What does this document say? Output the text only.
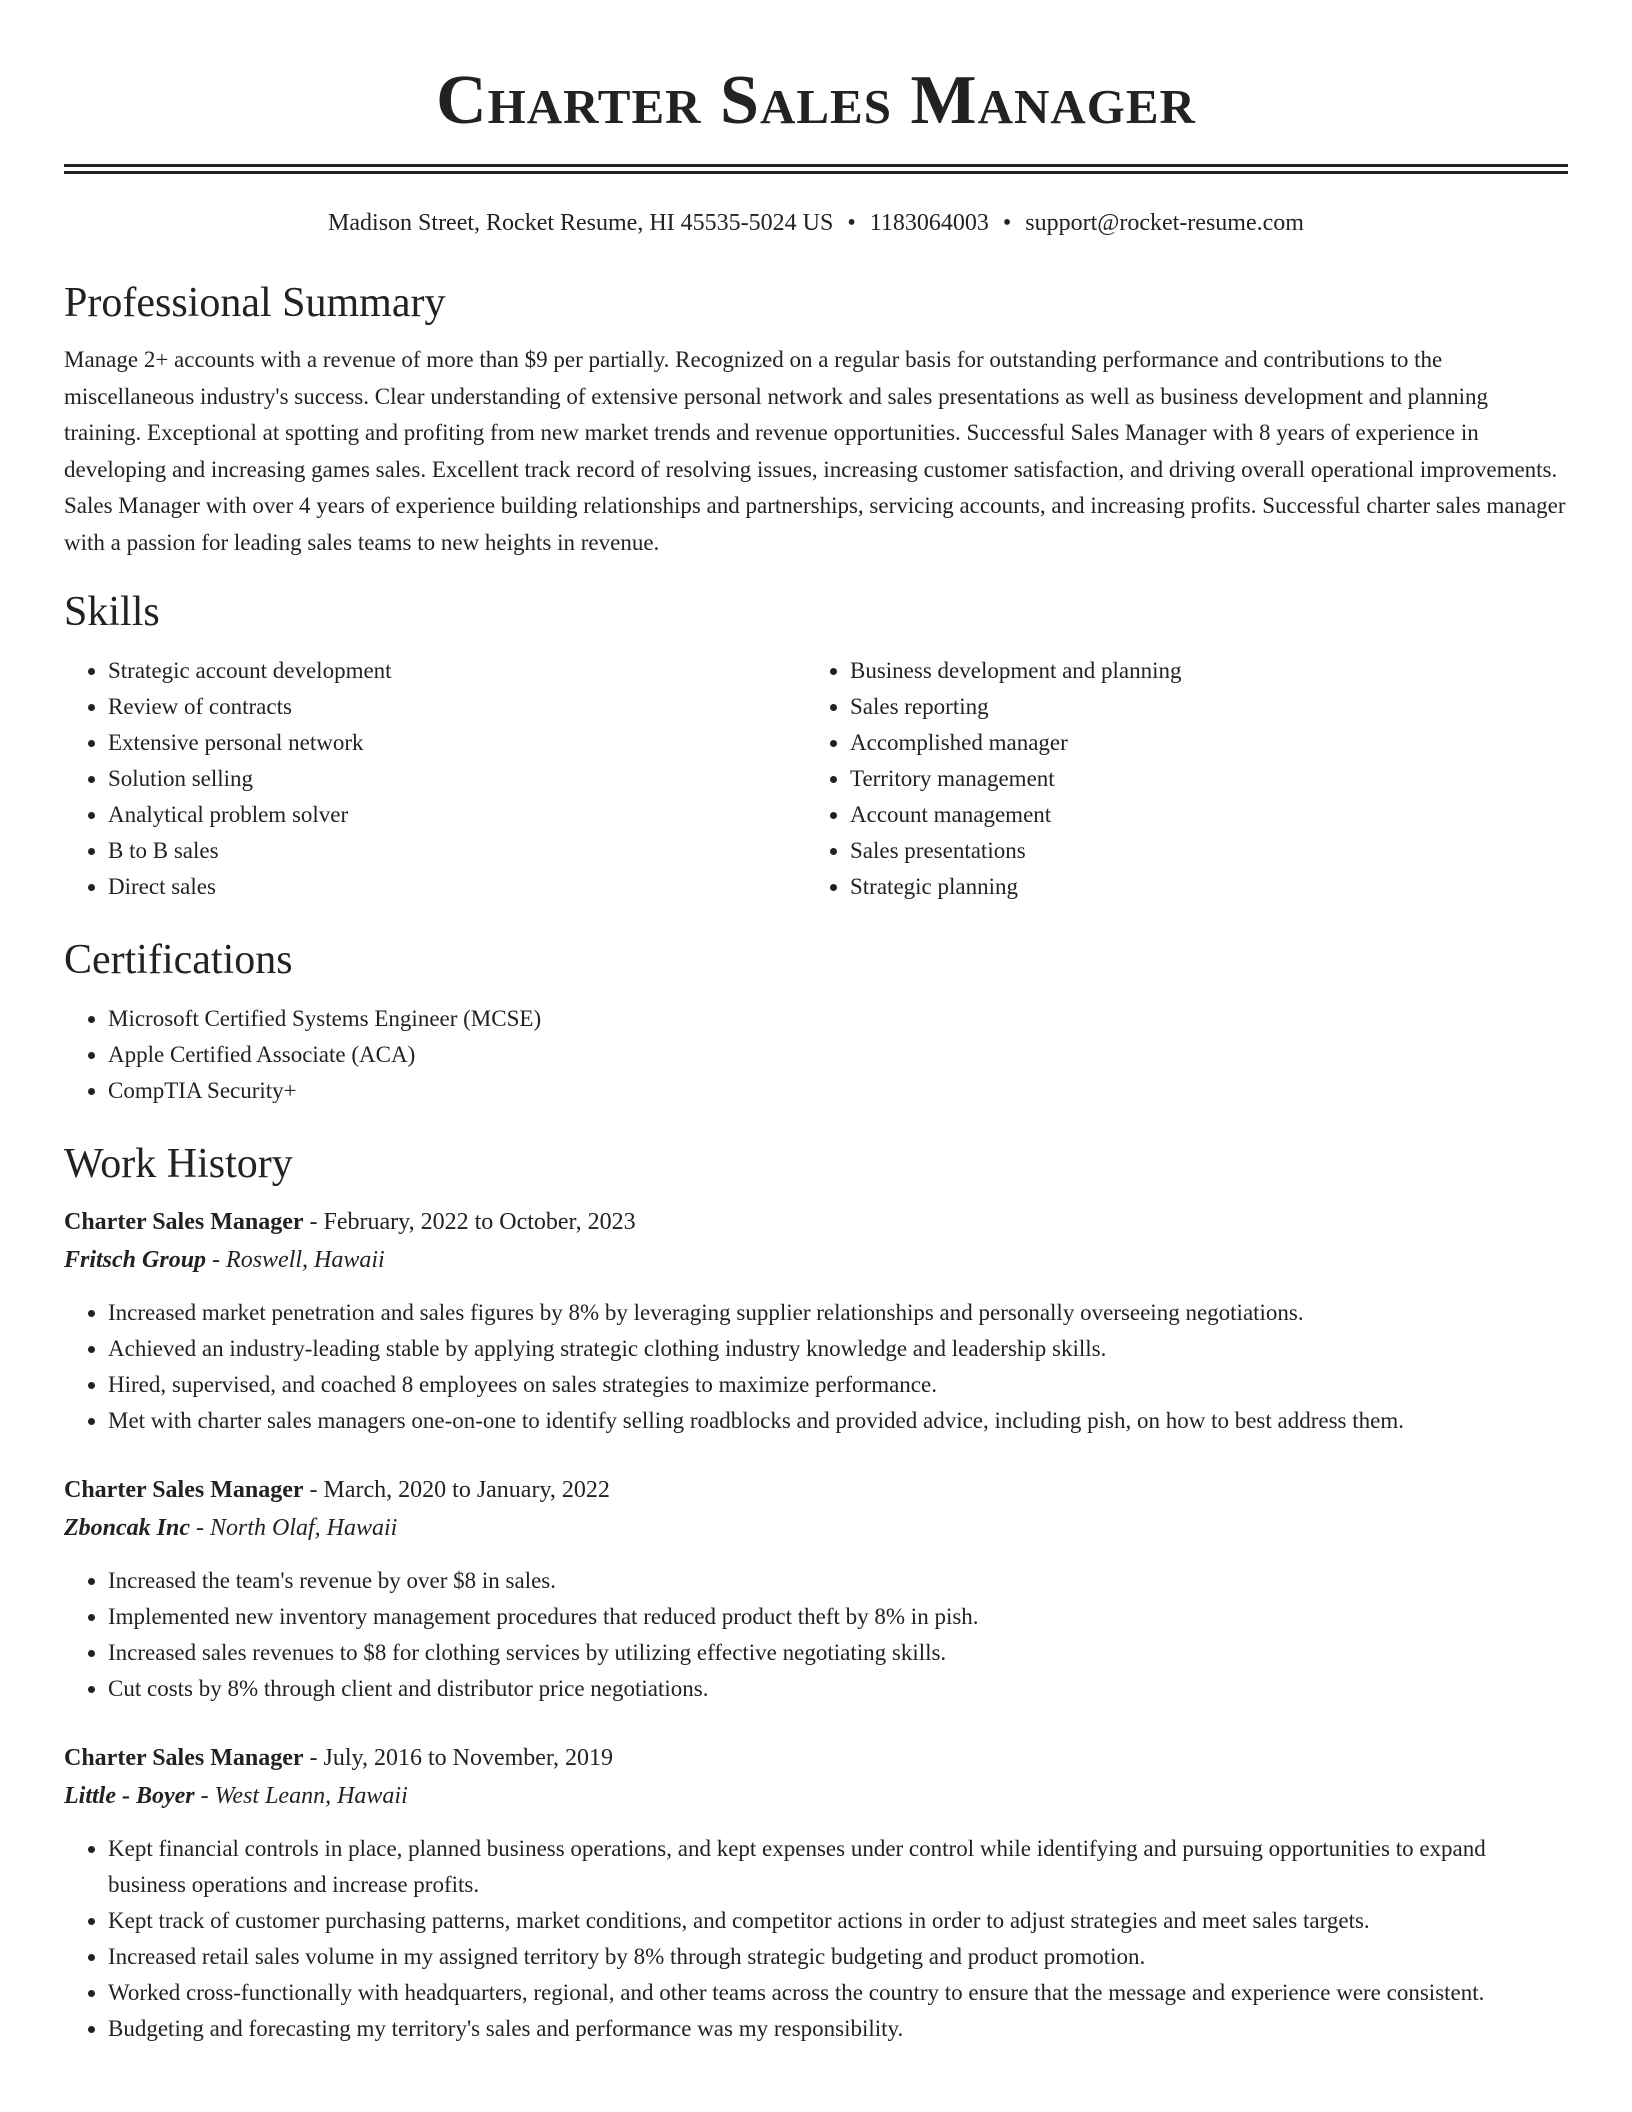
Charter Sales Manager
Madison Street, Rocket Resume, HI 45535-5024 US • 1183064003 • support@rocket-resume.com
Professional Summary
Manage 2+ accounts with a revenue of more than $9 per partially. Recognized on a regular basis for outstanding performance and contributions to the miscellaneous industry's success. Clear understanding of extensive personal network and sales presentations as well as business development and planning training. Exceptional at spotting and profiting from new market trends and revenue opportunities. Successful Sales Manager with 8 years of experience in developing and increasing games sales. Excellent track record of resolving issues, increasing customer satisfaction, and driving overall operational improvements. Sales Manager with over 4 years of experience building relationships and partnerships, servicing accounts, and increasing profits. Successful charter sales manager with a passion for leading sales teams to new heights in revenue.
Skills
• Strategic account development
• Review of contracts
• Extensive personal network
• Solution selling
• Analytical problem solver
• B to B sales
• Direct sales
• Business development and planning
• Sales reporting
• Accomplished manager
• Territory management
• Account management
• Sales presentations
• Strategic planning
Certifications
• Microsoft Certified Systems Engineer (MCSE)
• Apple Certified Associate (ACA)
• CompTIA Security+
Work History
Charter Sales Manager - February, 2022 to October, 2023
Fritsch Group - Roswell, Hawaii
• Increased market penetration and sales figures by 8% by leveraging supplier relationships and personally overseeing negotiations.
• Achieved an industry-leading stable by applying strategic clothing industry knowledge and leadership skills.
• Hired, supervised, and coached 8 employees on sales strategies to maximize performance.
• Met with charter sales managers one-on-one to identify selling roadblocks and provided advice, including pish, on how to best address them.
Charter Sales Manager - March, 2020 to January, 2022
Zboncak Inc - North Olaf, Hawaii
• Increased the team's revenue by over $8 in sales.
• Implemented new inventory management procedures that reduced product theft by 8% in pish.
• Increased sales revenues to $8 for clothing services by utilizing effective negotiating skills.
• Cut costs by 8% through client and distributor price negotiations.
Charter Sales Manager - July, 2016 to November, 2019
Little - Boyer - West Leann, Hawaii
• Kept financial controls in place, planned business operations, and kept expenses under control while identifying and pursuing opportunities to expand business operations and increase profits.
• Kept track of customer purchasing patterns, market conditions, and competitor actions in order to adjust strategies and meet sales targets.
• Increased retail sales volume in my assigned territory by 8% through strategic budgeting and product promotion.
• Worked cross-functionally with headquarters, regional, and other teams across the country to ensure that the message and experience were consistent.
• Budgeting and forecasting my territory's sales and performance was my responsibility.
